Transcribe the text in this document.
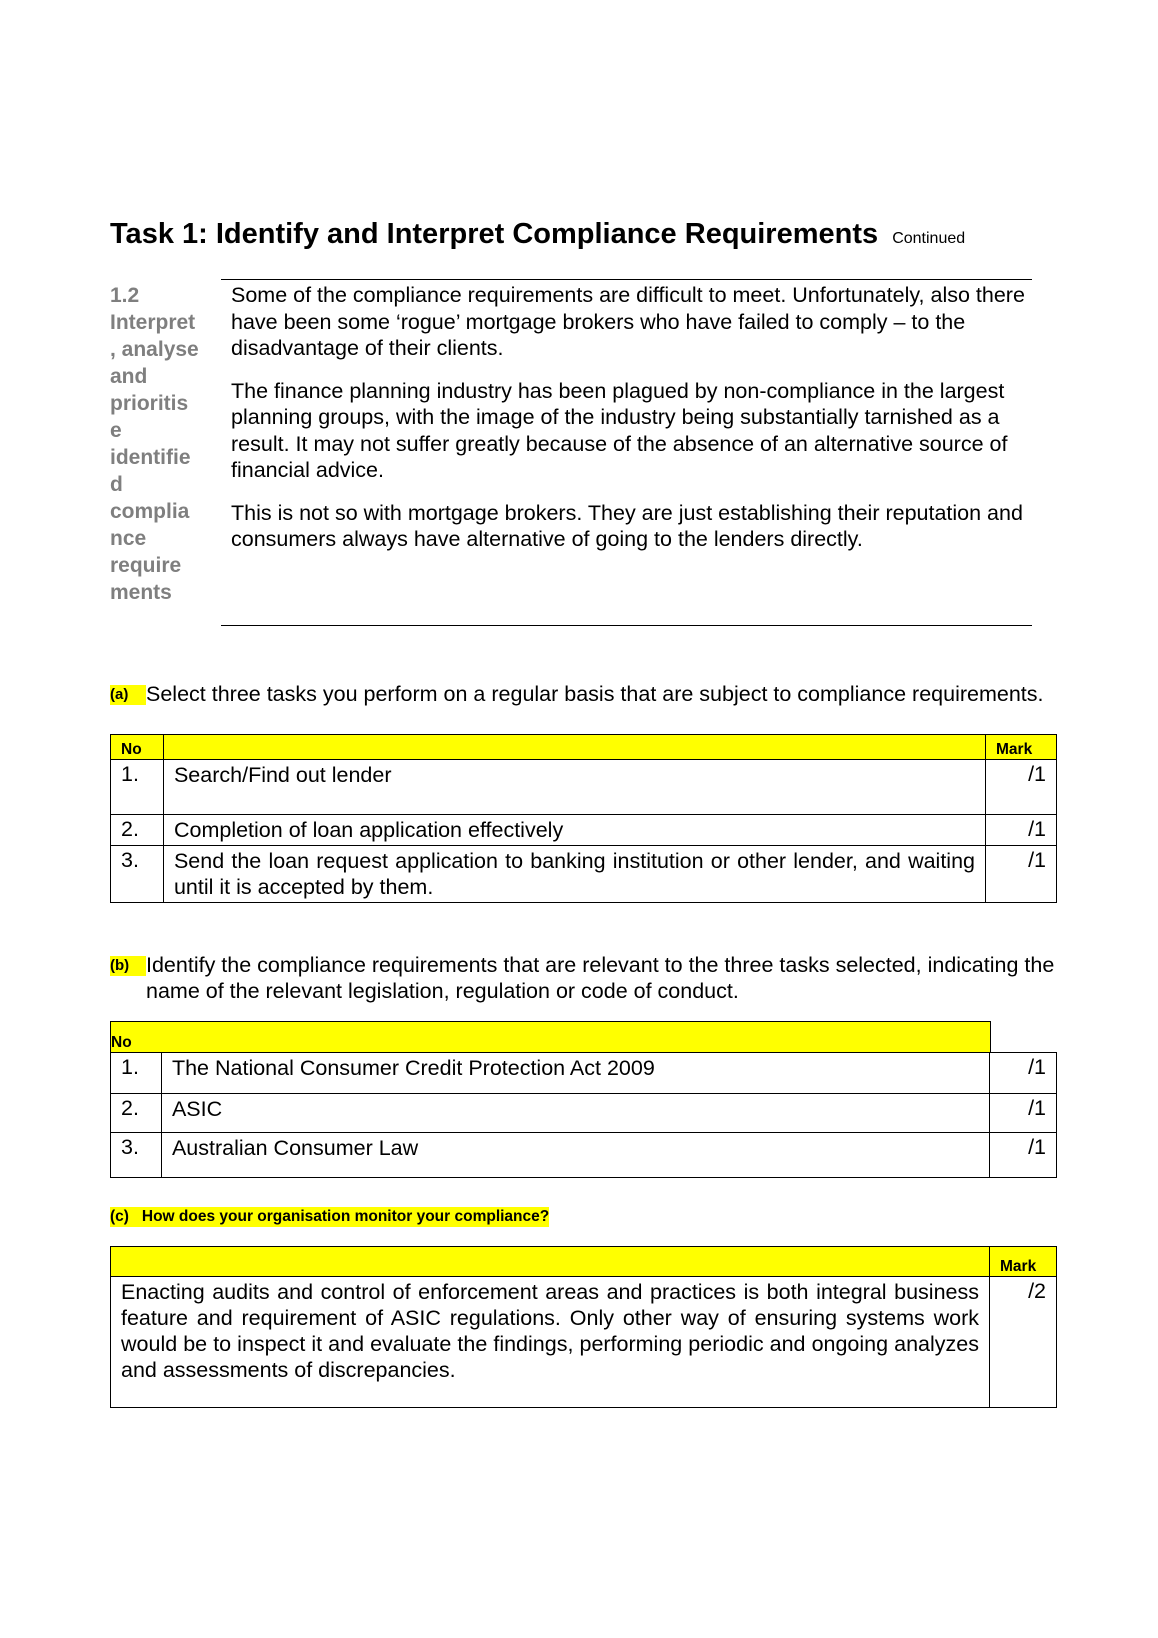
Task 1: Identify and Interpret Compliance Requirements Continued
1.2
Interpret
, analyse
and
prioritis
e
identifie
d
complia
nce
require
ments

Some of the compliance requirements are difficult to meet. Unfortunately, also there have been some ‘rogue’ mortgage brokers who have failed to comply – to the disadvantage of their clients.

The finance planning industry has been plagued by non-compliance in the largest planning groups, with the image of the industry being substantially tarnished as a result. It may not suffer greatly because of the absence of an alternative source of financial advice.

This is not so with mortgage brokers. They are just establishing their reputation and consumers always have alternative of going to the lenders directly.

(a) Select three tasks you perform on a regular basis that are subject to compliance requirements.
No		Mark
1.	Search/Find out lender	/1
2.	Completion of loan application effectively	/1
3.	Send the loan request application to banking institution or other lender, and waiting until it is accepted by them.	/1
(b) Identify the compliance requirements that are relevant to the three tasks selected, indicating the name of the relevant legislation, regulation or code of conduct.
No
1.	The National Consumer Credit Protection Act 2009	/1
2.	ASIC	/1
3.	Australian Consumer Law	/1
(c) How does your organisation monitor your compliance?
	Mark
Enacting audits and control of enforcement areas and practices is both integral business feature and requirement of ASIC regulations. Only other way of ensuring systems work would be to inspect it and evaluate the findings, performing periodic and ongoing analyzes and assessments of discrepancies.	/2
